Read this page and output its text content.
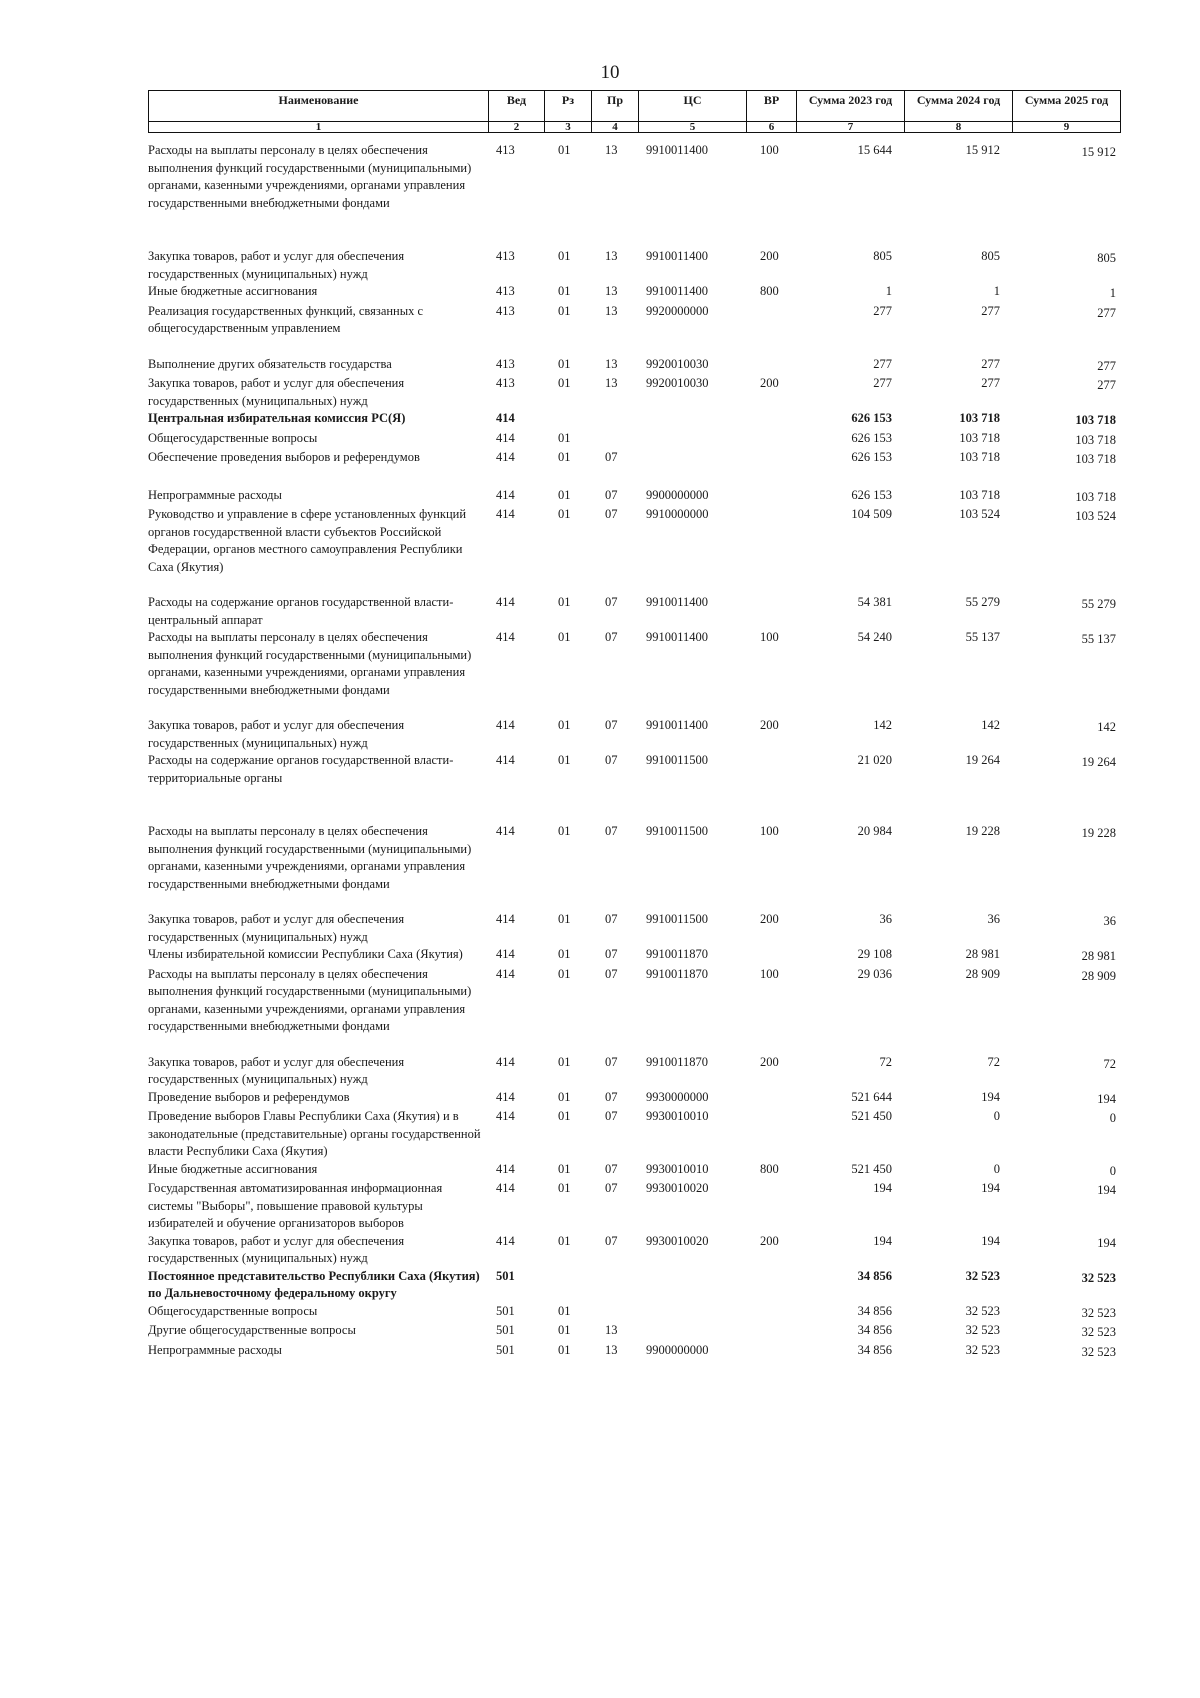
10
Наименование	Вед	Рз	Пр	ЦС	ВР	Сумма 2023 год	Сумма 2024 год	Сумма 2025 год
1	2	3	4	5	6	7	8	9
Расходы на выплаты персоналу в целях обеспечения выполнения функций государственными (муниципальными) органами, казенными учреждениями, органами управления государственными внебюджетными фондами	413	01	13	9910011400	100	15 644	15 912	15 912
Закупка товаров, работ и услуг для обеспечения государственных (муниципальных) нужд	413	01	13	9910011400	200	805	805	805
Иные бюджетные ассигнования	413	01	13	9910011400	800	1	1	1
Реализация государственных функций, связанных с общегосударственным управлением	413	01	13	9920000000		277	277	277
Выполнение других обязательств государства	413	01	13	9920010030		277	277	277
Закупка товаров, работ и услуг для обеспечения государственных (муниципальных) нужд	413	01	13	9920010030	200	277	277	277
Центральная избирательная комиссия РС(Я)	414					626 153	103 718	103 718
Общегосударственные вопросы	414	01				626 153	103 718	103 718
Обеспечение проведения выборов и референдумов	414	01	07			626 153	103 718	103 718
Непрограммные расходы	414	01	07	9900000000		626 153	103 718	103 718
Руководство и управление в сфере установленных функций органов государственной власти субъектов Российской Федерации, органов местного самоуправления Республики Саха (Якутия)	414	01	07	9910000000		104 509	103 524	103 524
Расходы на содержание органов государственной власти- центральный аппарат	414	01	07	9910011400		54 381	55 279	55 279
Расходы на выплаты персоналу в целях обеспечения выполнения функций государственными (муниципальными) органами, казенными учреждениями, органами управления государственными внебюджетными фондами	414	01	07	9910011400	100	54 240	55 137	55 137
Закупка товаров, работ и услуг для обеспечения государственных (муниципальных) нужд	414	01	07	9910011400	200	142	142	142
Расходы на содержание органов государственной власти- территориальные органы	414	01	07	9910011500		21 020	19 264	19 264
Расходы на выплаты персоналу в целях обеспечения выполнения функций государственными (муниципальными) органами, казенными учреждениями, органами управления государственными внебюджетными фондами	414	01	07	9910011500	100	20 984	19 228	19 228
Закупка товаров, работ и услуг для обеспечения государственных (муниципальных) нужд	414	01	07	9910011500	200	36	36	36
Члены избирательной комиссии Республики Саха (Якутия)	414	01	07	9910011870		29 108	28 981	28 981
Расходы на выплаты персоналу в целях обеспечения выполнения функций государственными (муниципальными) органами, казенными учреждениями, органами управления государственными внебюджетными фондами	414	01	07	9910011870	100	29 036	28 909	28 909
Закупка товаров, работ и услуг для обеспечения государственных (муниципальных) нужд	414	01	07	9910011870	200	72	72	72
Проведение выборов и референдумов	414	01	07	9930000000		521 644	194	194
Проведение выборов Главы Республики Саха (Якутия) и в законодательные (представительные) органы государственной власти Республики Саха (Якутия)	414	01	07	9930010010		521 450	0	0
Иные бюджетные ассигнования	414	01	07	9930010010	800	521 450	0	0
Государственная автоматизированная информационная системы "Выборы", повышение правовой культуры избирателей и обучение организаторов выборов	414	01	07	9930010020		194	194	194
Закупка товаров, работ и услуг для обеспечения государственных (муниципальных) нужд	414	01	07	9930010020	200	194	194	194
Постоянное представительство Республики Саха (Якутия) по Дальневосточному федеральному округу	501					34 856	32 523	32 523
Общегосударственные вопросы	501	01				34 856	32 523	32 523
Другие общегосударственные вопросы	501	01	13			34 856	32 523	32 523
Непрограммные расходы	501	01	13	9900000000		34 856	32 523	32 523
